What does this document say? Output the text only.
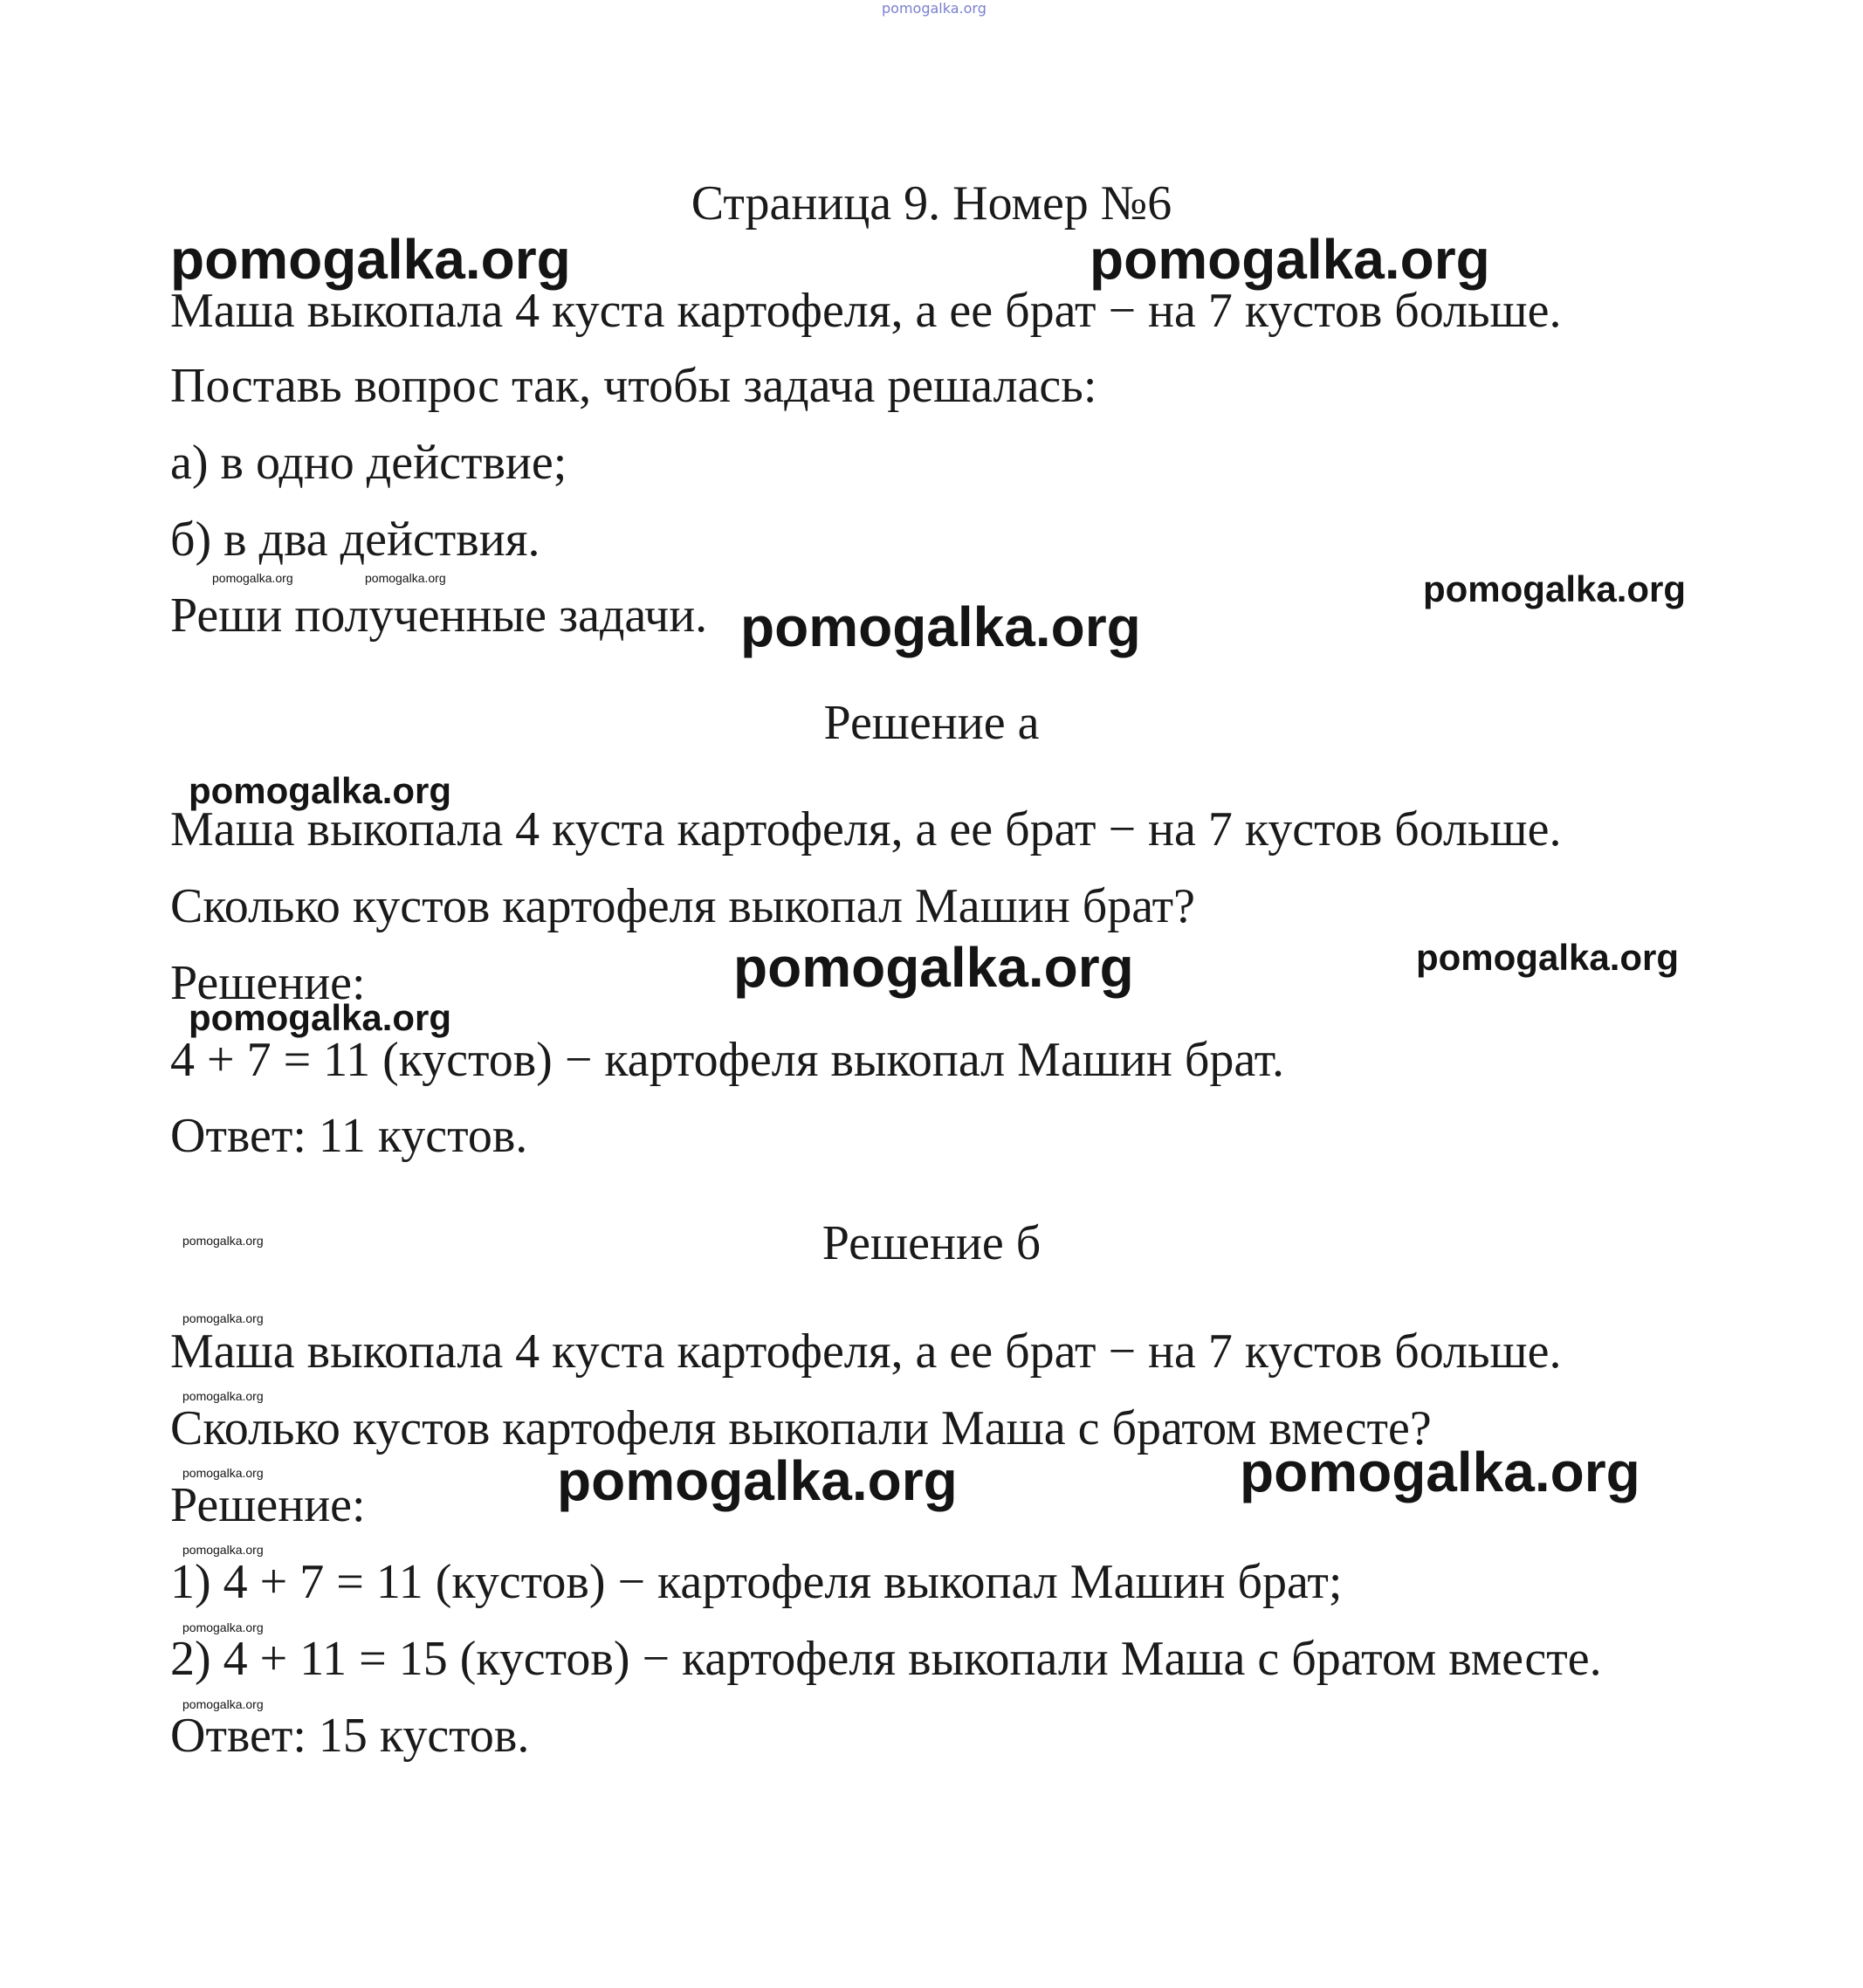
pomogalka.org
Страница 9. Номер №6
pomogalka.org	pomogalka.org
Маша выкопала 4 куста картофеля, а ее брат − на 7 кустов больше.
Поставь вопрос так, чтобы задача решалась:
а) в одно действие;
б) в два действия.
pomogalka.org	pomogalka.org
Реши полученные задачи. pomogalka.org
pomogalka.org
Решение а
pomogalka.org
Маша выкопала 4 куста картофеля, а ее брат − на 7 кустов больше.
Сколько кустов картофеля выкопал Машин брат?
Решение:	pomogalka.org	pomogalka.org
pomogalka.org
4 + 7 = 11 (кустов) − картофеля выкопал Машин брат.
Ответ: 11 кустов.
pomogalka.org	Решение б
pomogalka.org
Маша выкопала 4 куста картофеля, а ее брат − на 7 кустов больше.
pomogalka.org
Сколько кустов картофеля выкопали Маша с братом вместе?
pomogalka.org
Решение:	pomogalka.org	pomogalka.org
pomogalka.org
1) 4 + 7 = 11 (кустов) − картофеля выкопал Машин брат;
pomogalka.org
2) 4 + 11 = 15 (кустов) − картофеля выкопали Маша с братом вместе.
pomogalka.org
Ответ: 15 кустов.
